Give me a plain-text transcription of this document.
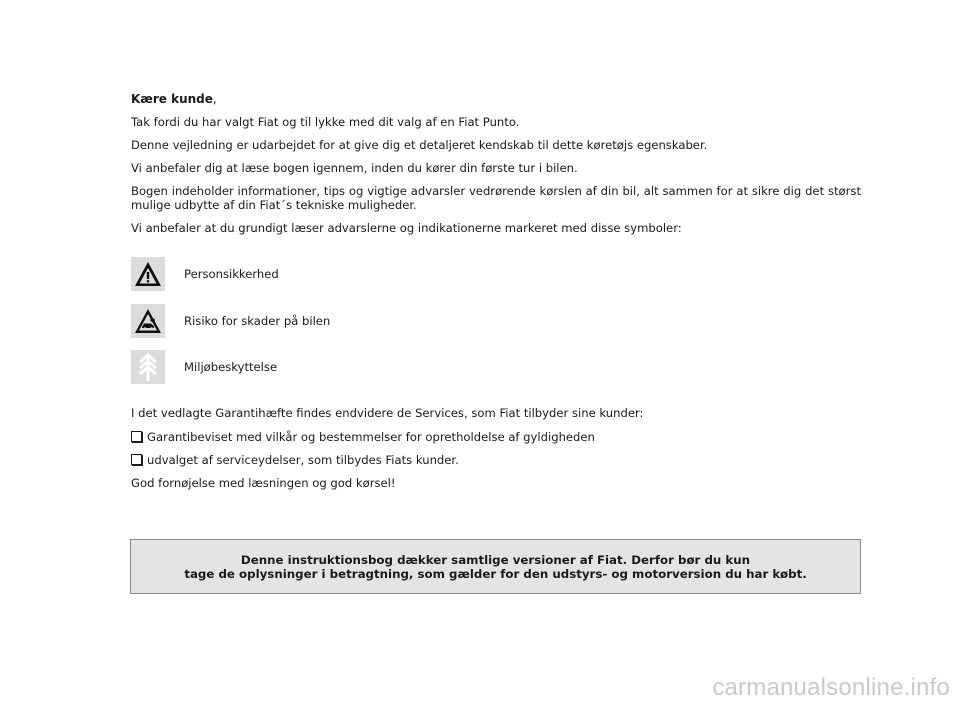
Kære kunde,
Tak fordi du har valgt Fiat og til lykke med dit valg af en Fiat Punto.
Denne vejledning er udarbejdet for at give dig et detaljeret kendskab til dette køretøjs egenskaber.
Vi anbefaler dig at læse bogen igennem, inden du kører din første tur i bilen.
Bogen indeholder informationer, tips og vigtige advarsler vedrørende kørslen af din bil, alt sammen for at sikre dig det størst mulige udbytte af din Fiat´s tekniske muligheder.
Vi anbefaler at du grundigt læser advarslerne og indikationerne markeret med disse symboler:
Personsikkerhed
Risiko for skader på bilen
Miljøbeskyttelse
I det vedlagte Garantihæfte findes endvidere de Services, som Fiat tilbyder sine kunder:
Garantibeviset med vilkår og bestemmelser for opretholdelse af gyldigheden
udvalget af serviceydelser, som tilbydes Fiats kunder.
God fornøjelse med læsningen og god kørsel!
Denne instruktionsbog dækker samtlige versioner af Fiat. Derfor bør du kun
tage de oplysninger i betragtning, som gælder for den udstyrs- og motorversion du har købt.
carmanualsonline.info
